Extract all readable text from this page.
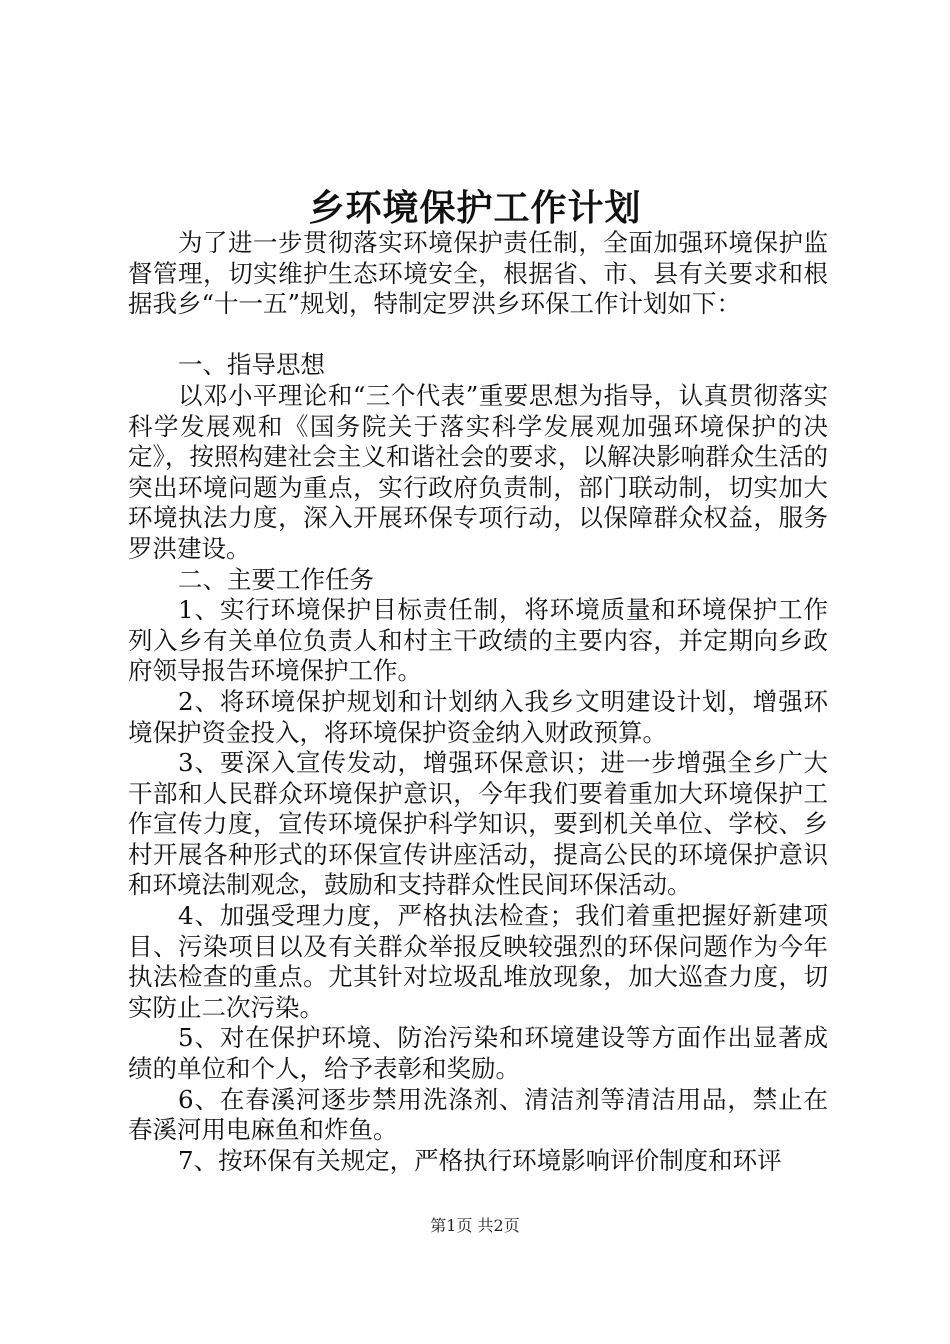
乡环境保护工作计划

为了进一步贯彻落实环境保护责任制，全面加强环境保护监督管理，切实维护生态环境安全，根据省、市、县有关要求和根据我乡“十一五”规划，特制定罗洪乡环保工作计划如下：

一、指导思想

以邓小平理论和“三个代表”重要思想为指导，认真贯彻落实科学发展观和《国务院关于落实科学发展观加强环境保护的决定》，按照构建社会主义和谐社会的要求，以解决影响群众生活的突出环境问题为重点，实行政府负责制，部门联动制，切实加大环境执法力度，深入开展环保专项行动，以保障群众权益，服务罗洪建设。

二、主要工作任务

1、实行环境保护目标责任制，将环境质量和环境保护工作列入乡有关单位负责人和村主干政绩的主要内容，并定期向乡政府领导报告环境保护工作。

2、将环境保护规划和计划纳入我乡文明建设计划，增强环境保护资金投入，将环境保护资金纳入财政预算。

3、要深入宣传发动，增强环保意识；进一步增强全乡广大干部和人民群众环境保护意识，今年我们要着重加大环境保护工作宣传力度，宣传环境保护科学知识，要到机关单位、学校、乡村开展各种形式的环保宣传讲座活动，提高公民的环境保护意识和环境法制观念，鼓励和支持群众性民间环保活动。

4、加强受理力度，严格执法检查；我们着重把握好新建项目、污染项目以及有关群众举报反映较强烈的环保问题作为今年执法检查的重点。尤其针对垃圾乱堆放现象，加大巡查力度，切实防止二次污染。

5、对在保护环境、防治污染和环境建设等方面作出显著成绩的单位和个人，给予表彰和奖励。

6、在春溪河逐步禁用洗涤剂、清洁剂等清洁用品，禁止在春溪河用电麻鱼和炸鱼。

7、按环保有关规定，严格执行环境影响评价制度和环评

第1页 共2页
